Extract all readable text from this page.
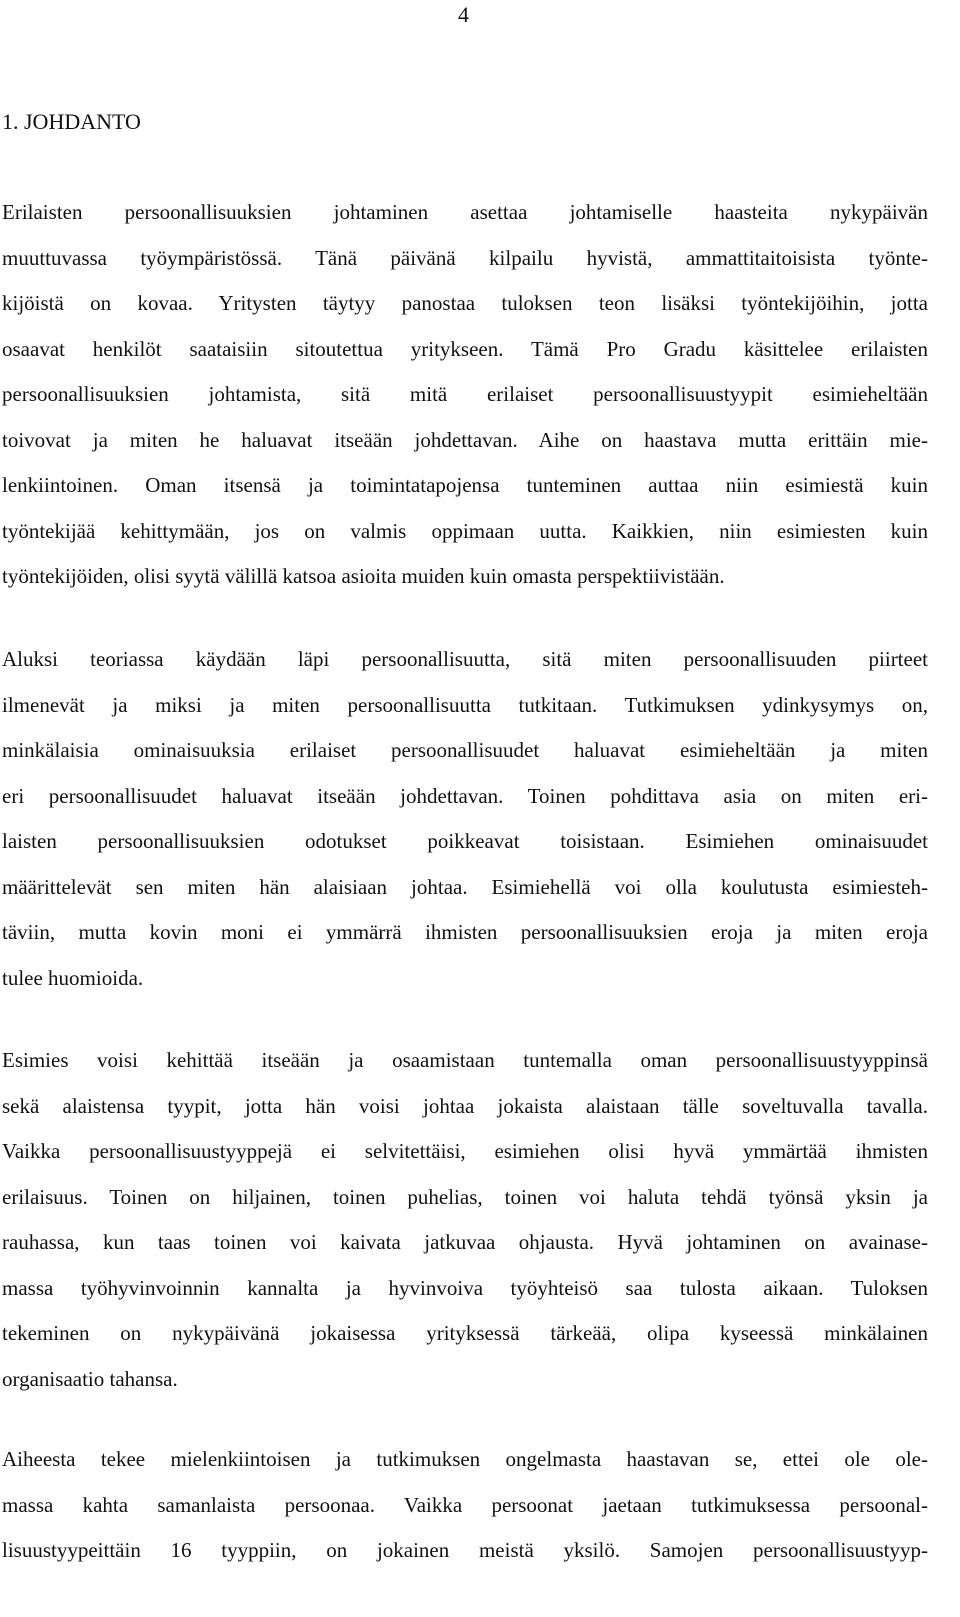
4
1. JOHDANTO

Erilaisten persoonallisuuksien johtaminen asettaa johtamiselle haasteita nykypäivän
muuttuvassa työympäristössä. Tänä päivänä kilpailu hyvistä, ammattitaitoisista työnte-
kijöistä on kovaa. Yritysten täytyy panostaa tuloksen teon lisäksi työntekijöihin, jotta
osaavat henkilöt saataisiin sitoutettua yritykseen. Tämä Pro Gradu käsittelee erilaisten
persoonallisuuksien johtamista, sitä mitä erilaiset persoonallisuustyypit esimieheltään
toivovat ja miten he haluavat itseään johdettavan. Aihe on haastava mutta erittäin mie-
lenkiintoinen. Oman itsensä ja toimintatapojensa tunteminen auttaa niin esimiestä kuin
työntekijää kehittymään, jos on valmis oppimaan uutta. Kaikkien, niin esimiesten kuin
työntekijöiden, olisi syytä välillä katsoa asioita muiden kuin omasta perspektiivistään.

Aluksi teoriassa käydään läpi persoonallisuutta, sitä miten persoonallisuuden piirteet
ilmenevät ja miksi ja miten persoonallisuutta tutkitaan. Tutkimuksen ydinkysymys on,
minkälaisia ominaisuuksia erilaiset persoonallisuudet haluavat esimieheltään ja miten
eri persoonallisuudet haluavat itseään johdettavan. Toinen pohdittava asia on miten eri-
laisten persoonallisuuksien odotukset poikkeavat toisistaan. Esimiehen ominaisuudet
määrittelevät sen miten hän alaisiaan johtaa. Esimiehellä voi olla koulutusta esimiesteh-
täviin, mutta kovin moni ei ymmärrä ihmisten persoonallisuuksien eroja ja miten eroja
tulee huomioida.

Esimies voisi kehittää itseään ja osaamistaan tuntemalla oman persoonallisuustyyppinsä
sekä alaistensa tyypit, jotta hän voisi johtaa jokaista alaistaan tälle soveltuvalla tavalla.
Vaikka persoonallisuustyyppejä ei selvitettäisi, esimiehen olisi hyvä ymmärtää ihmisten
erilaisuus. Toinen on hiljainen, toinen puhelias, toinen voi haluta tehdä työnsä yksin ja
rauhassa, kun taas toinen voi kaivata jatkuvaa ohjausta. Hyvä johtaminen on avainase-
massa työhyvinvoinnin kannalta ja hyvinvoiva työyhteisö saa tulosta aikaan. Tuloksen
tekeminen on nykypäivänä jokaisessa yrityksessä tärkeää, olipa kyseessä minkälainen
organisaatio tahansa.

Aiheesta tekee mielenkiintoisen ja tutkimuksen ongelmasta haastavan se, ettei ole ole-
massa kahta samanlaista persoonaa. Vaikka persoonat jaetaan tutkimuksessa persoonal-
lisuustyypeittäin 16 tyyppiin, on jokainen meistä yksilö. Samojen persoonallisuustyyp-
